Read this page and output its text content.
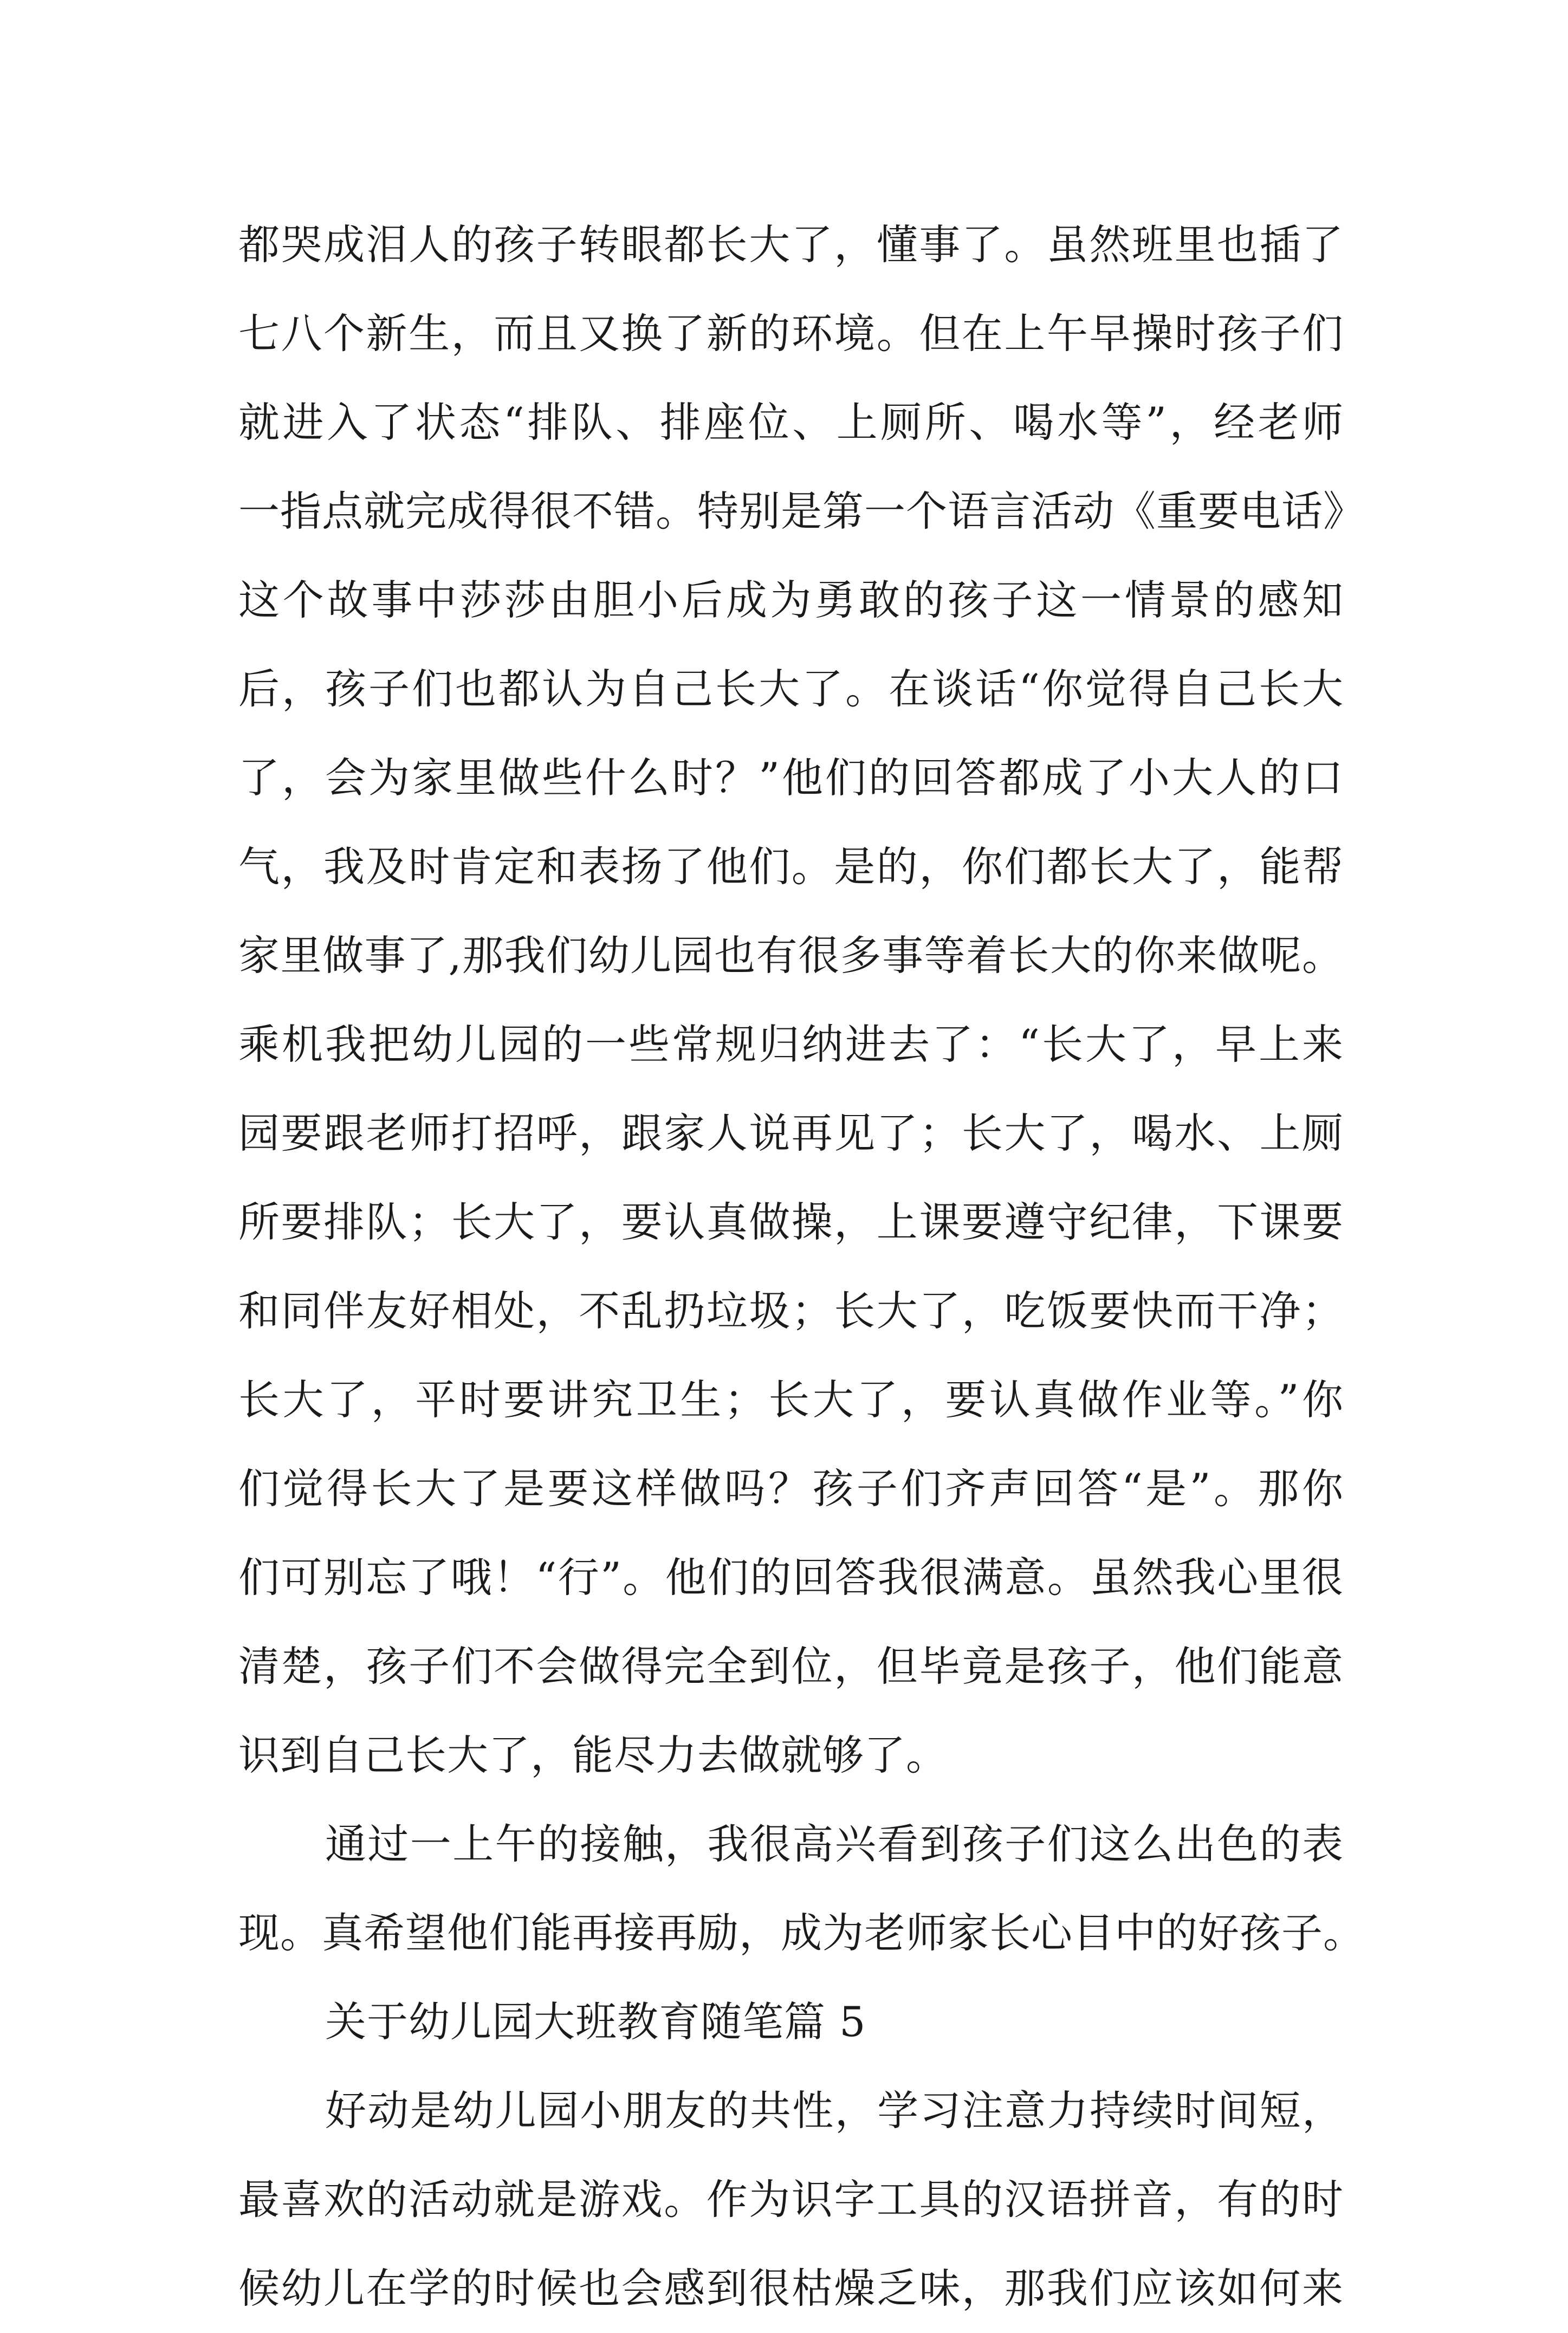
都哭成泪人的孩子转眼都长大了，懂事了。虽然班里也插了
七八个新生，而且又换了新的环境。但在上午早操时孩子们
就进入了状态“排队、排座位、上厕所、喝水等”，经老师
一指点就完成得很不错。特别是第一个语言活动《重要电话》
这个故事中莎莎由胆小后成为勇敢的孩子这一情景的感知
后，孩子们也都认为自己长大了。在谈话“你觉得自己长大
了，会为家里做些什么时？”他们的回答都成了小大人的口
气，我及时肯定和表扬了他们。是的，你们都长大了，能帮
家里做事了,那我们幼儿园也有很多事等着长大的你来做呢。
乘机我把幼儿园的一些常规归纳进去了：“长大了，早上来
园要跟老师打招呼，跟家人说再见了；长大了，喝水、上厕
所要排队；长大了，要认真做操，上课要遵守纪律，下课要
和同伴友好相处，不乱扔垃圾；长大了，吃饭要快而干净；
长大了，平时要讲究卫生；长大了，要认真做作业等。”你
们觉得长大了是要这样做吗？孩子们齐声回答“是”。那你
们可别忘了哦！“行”。他们的回答我很满意。虽然我心里很
清楚，孩子们不会做得完全到位，但毕竟是孩子，他们能意
识到自己长大了，能尽力去做就够了。
通过一上午的接触，我很高兴看到孩子们这么出色的表
现。真希望他们能再接再励，成为老师家长心目中的好孩子。
关于幼儿园大班教育随笔篇 5
好动是幼儿园小朋友的共性，学习注意力持续时间短，
最喜欢的活动就是游戏。作为识字工具的汉语拼音，有的时
候幼儿在学的时候也会感到很枯燥乏味，那我们应该如何来
